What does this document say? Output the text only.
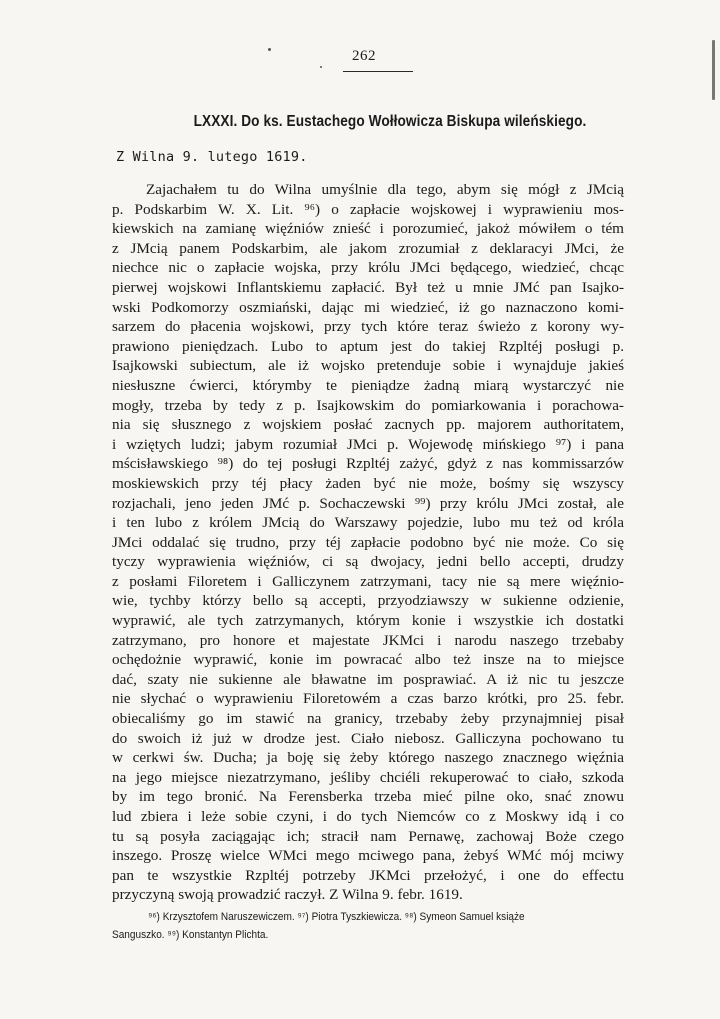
262
LXXXI. Do ks. Eustachego Wołłowicza Biskupa wileńskiego.
Z Wilna 9. lutego 1619.
Zajachałem tu do Wilna umyślnie dla tego, abym się mógł z JMcią
p. Podskarbim W. X. Lit. ⁹⁶) o zapłacie wojskowej i wyprawieniu mos-
kiewskich na zamianę więźniów znieść i porozumieć, jakoż mówiłem o tém
z JMcią panem Podskarbim, ale jakom zrozumiał z deklaracyi JMci, że
niechce nic o zapłacie wojska, przy królu JMci będącego, wiedzieć, chcąc
pierwej wojskowi Inflantskiemu zapłacić. Był też u mnie JMć pan Isajko-
wski Podkomorzy oszmiański, dając mi wiedzieć, iż go naznaczono komi-
sarzem do płacenia wojskowi, przy tych które teraz świeżo z korony wy-
prawiono pieniędzach. Lubo to aptum jest do takiej Rzpltéj posługi p.
Isajkowski subiectum, ale iż wojsko pretenduje sobie i wynajduje jakieś
niesłuszne ćwierci, którymby te pieniądze żadną miarą wystarczyć nie
mogły, trzeba by tedy z p. Isajkowskim do pomiarkowania i porachowa-
nia się słusznego z wojskiem posłać zacnych pp. majorem authoritatem,
i wziętych ludzi; jabym rozumiał JMci p. Wojewodę mińskiego ⁹⁷) i pana
mścisławskiego ⁹⁸) do tej posługi Rzpltéj zażyć, gdyż z nas kommissarzów
moskiewskich przy téj płacy żaden być nie może, bośmy się wszyscy
rozjachali, jeno jeden JMć p. Sochaczewski ⁹⁹) przy królu JMci został, ale
i ten lubo z królem JMcią do Warszawy pojedzie, lubo mu też od króla
JMci oddalać się trudno, przy téj zapłacie podobno być nie może. Co się
tyczy wyprawienia więźniów, ci są dwojacy, jedni bello accepti, drudzy
z posłami Filoretem i Galliczynem zatrzymani, tacy nie są mere więźnio-
wie, tychby którzy bello są accepti, przyodziawszy w sukienne odzienie,
wyprawić, ale tych zatrzymanych, którym konie i wszystkie ich dostatki
zatrzymano, pro honore et majestate JKMci i narodu naszego trzebaby
ochędożnie wyprawić, konie im powracać albo też insze na to miejsce
dać, szaty nie sukienne ale bławatne im posprawiać. A iż nic tu jeszcze
nie słychać o wyprawieniu Filoretowém a czas barzo krótki, pro 25. febr.
obiecaliśmy go im stawić na granicy, trzebaby żeby przynajmniej pisał
do swoich iż już w drodze jest. Ciało niebosz. Galliczyna pochowano tu
w cerkwi św. Ducha; ja boję się żeby którego naszego znacznego więźnia
na jego miejsce niezatrzymano, jeśliby chciéli rekuperować to ciało, szkoda
by im tego bronić. Na Ferensberka trzeba mieć pilne oko, snać znowu
lud zbiera i leże sobie czyni, i do tych Niemców co z Moskwy idą i co
tu są posyła zaciągając ich; stracił nam Pernawę, zachowaj Boże czego
inszego. Proszę wielce WMci mego mciwego pana, żebyś WMć mój mciwy
pan te wszystkie Rzpltéj potrzeby JKMci przełożyć, i one do effectu
przyczyną swoją prowadzić raczył. Z Wilna 9. febr. 1619.
⁹⁶) Krzysztofem Naruszewiczem. ⁹⁷) Piotra Tyszkiewicza. ⁹⁸) Symeon Samuel książe
Sanguszko. ⁹⁹) Konstantyn Plichta.
